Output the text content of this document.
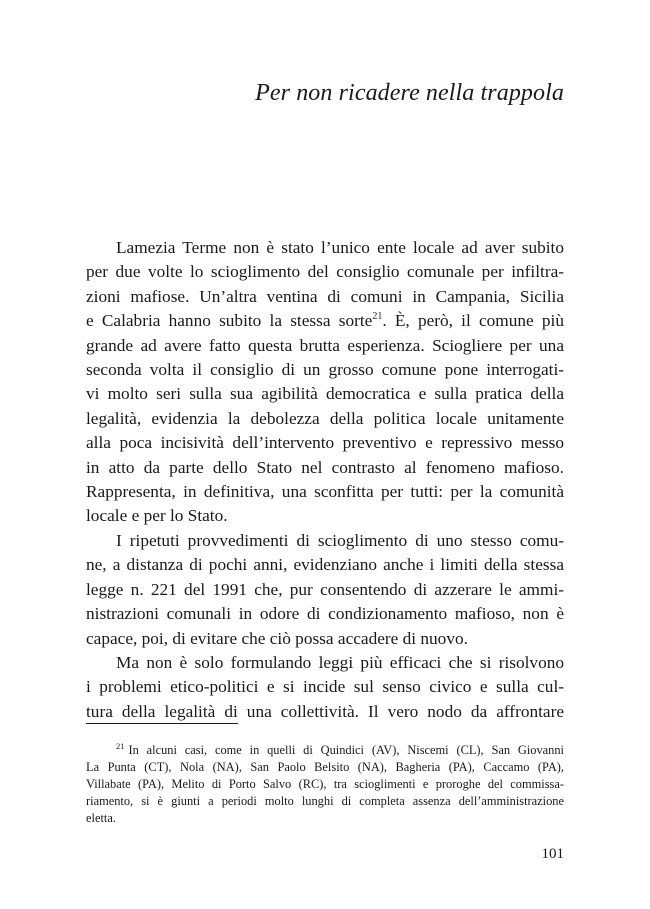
Per non ricadere nella trappola
Lamezia Terme non è stato l’unico ente locale ad aver subito
per due volte lo scioglimento del consiglio comunale per infiltra-
zioni mafiose. Un’altra ventina di comuni in Campania, Sicilia
e Calabria hanno subito la stessa sorte$^{21}$. È, però, il comune più
grande ad avere fatto questa brutta esperienza. Sciogliere per una
seconda volta il consiglio di un grosso comune pone interrogati-
vi molto seri sulla sua agibilità democratica e sulla pratica della
legalità, evidenzia la debolezza della politica locale unitamente
alla poca incisività dell’intervento preventivo e repressivo messo
in atto da parte dello Stato nel contrasto al fenomeno mafioso.
Rappresenta, in definitiva, una sconfitta per tutti: per la comunità
locale e per lo Stato.
I ripetuti provvedimenti di scioglimento di uno stesso comu-
ne, a distanza di pochi anni, evidenziano anche i limiti della stessa
legge n. 221 del 1991 che, pur consentendo di azzerare le ammi-
nistrazioni comunali in odore di condizionamento mafioso, non è
capace, poi, di evitare che ciò possa accadere di nuovo.
Ma non è solo formulando leggi più efficaci che si risolvono
i problemi etico-politici e si incide sul senso civico e sulla cul-
tura della legalità di una collettività. Il vero nodo da affrontare
$^{21}$ In alcuni casi, come in quelli di Quindici (AV), Niscemi (CL), San Giovanni
La Punta (CT), Nola (NA), San Paolo Belsito (NA), Bagheria (PA), Caccamo (PA),
Villabate (PA), Melito di Porto Salvo (RC), tra scioglimenti e proroghe del commissa-
riamento, si è giunti a periodi molto lunghi di completa assenza dell’amministrazione
eletta.
101
